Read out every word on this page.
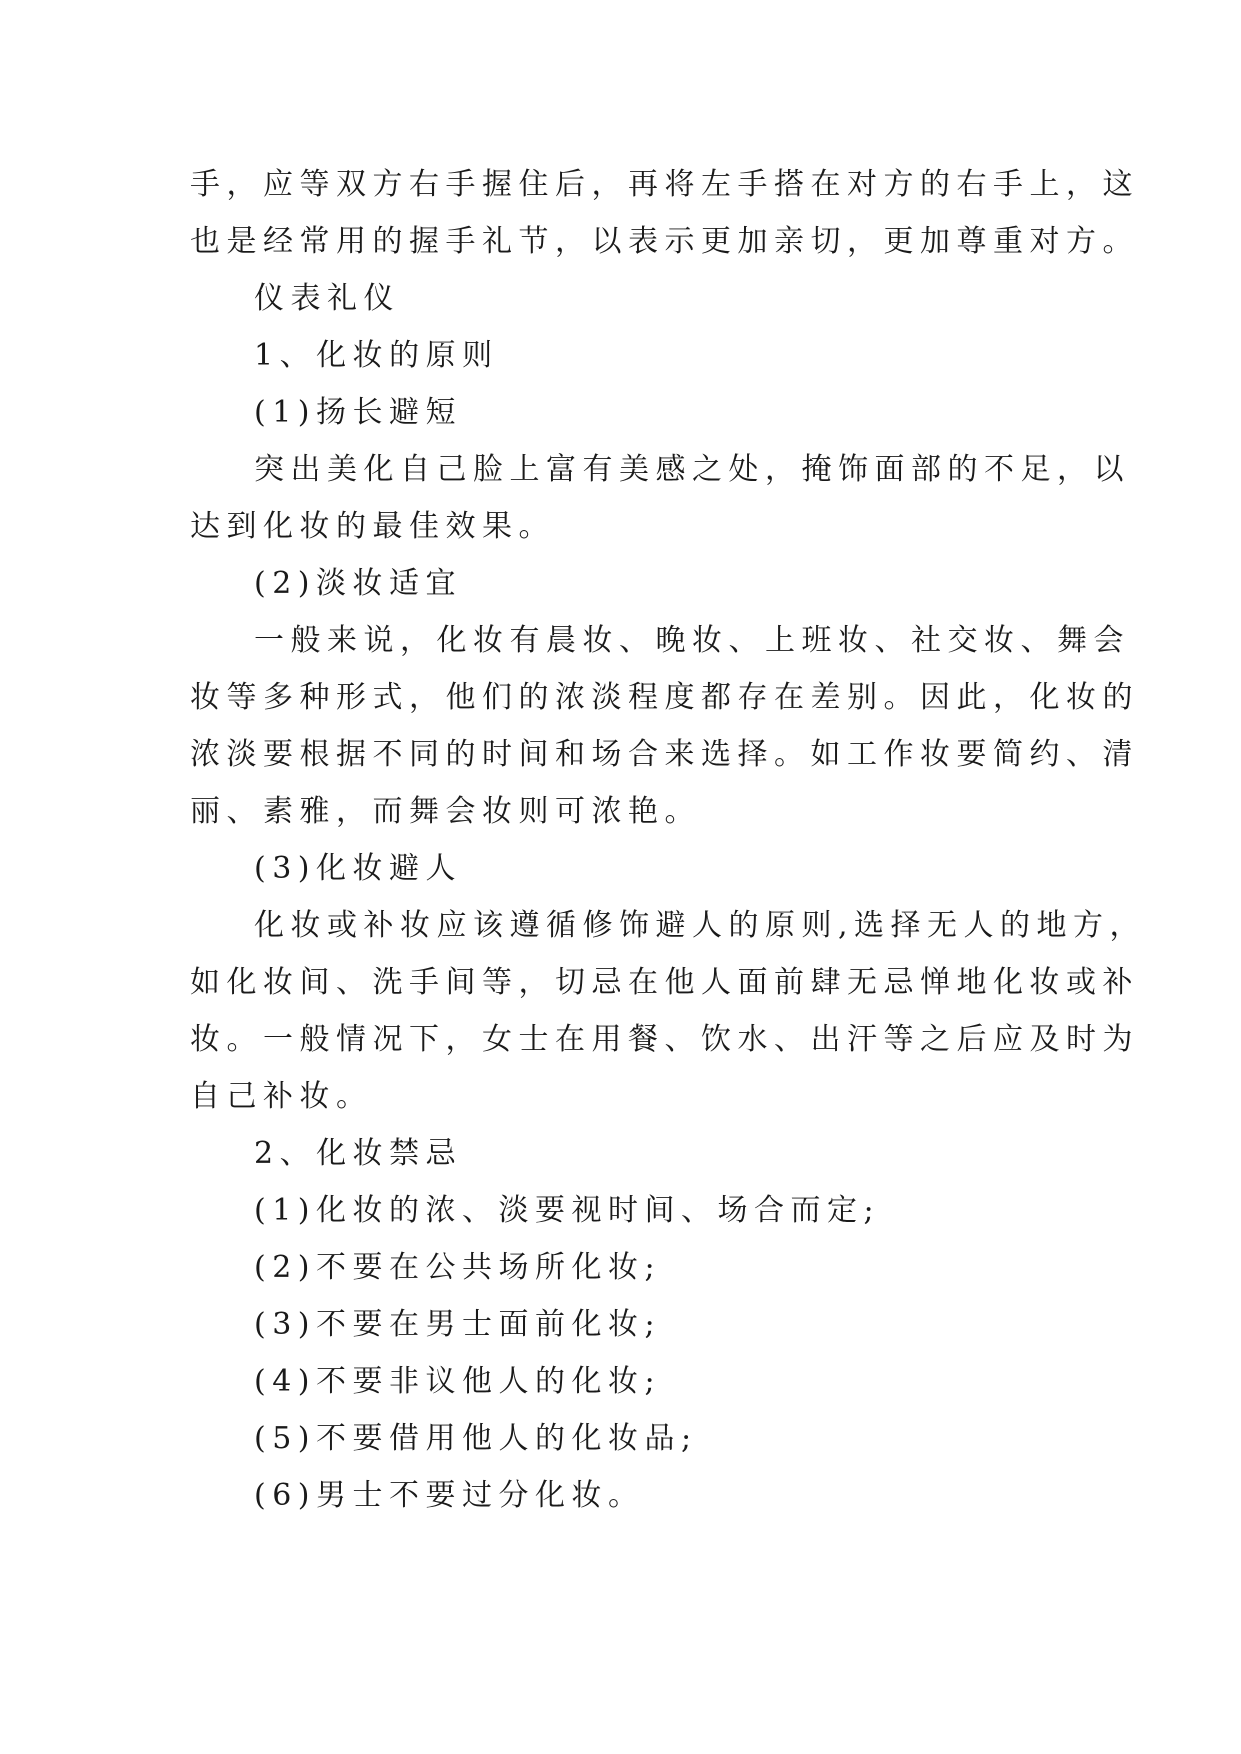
手，应等双方右手握住后，再将左手搭在对方的右手上，这
也是经常用的握手礼节，以表示更加亲切，更加尊重对方。
仪表礼仪
1、化妆的原则
(1)扬长避短
突出美化自己脸上富有美感之处，掩饰面部的不足，以
达到化妆的最佳效果。
(2)淡妆适宜
一般来说，化妆有晨妆、晚妆、上班妆、社交妆、舞会
妆等多种形式，他们的浓淡程度都存在差别。因此，化妆的
浓淡要根据不同的时间和场合来选择。如工作妆要简约、清
丽、素雅，而舞会妆则可浓艳。
(3)化妆避人
化妆或补妆应该遵循修饰避人的原则,选择无人的地方，
如化妆间、洗手间等，切忌在他人面前肆无忌惮地化妆或补
妆。一般情况下，女士在用餐、饮水、出汗等之后应及时为
自己补妆。
2、化妆禁忌
(1)化妆的浓、淡要视时间、场合而定;
(2)不要在公共场所化妆;
(3)不要在男士面前化妆;
(4)不要非议他人的化妆;
(5)不要借用他人的化妆品;
(6)男士不要过分化妆。
